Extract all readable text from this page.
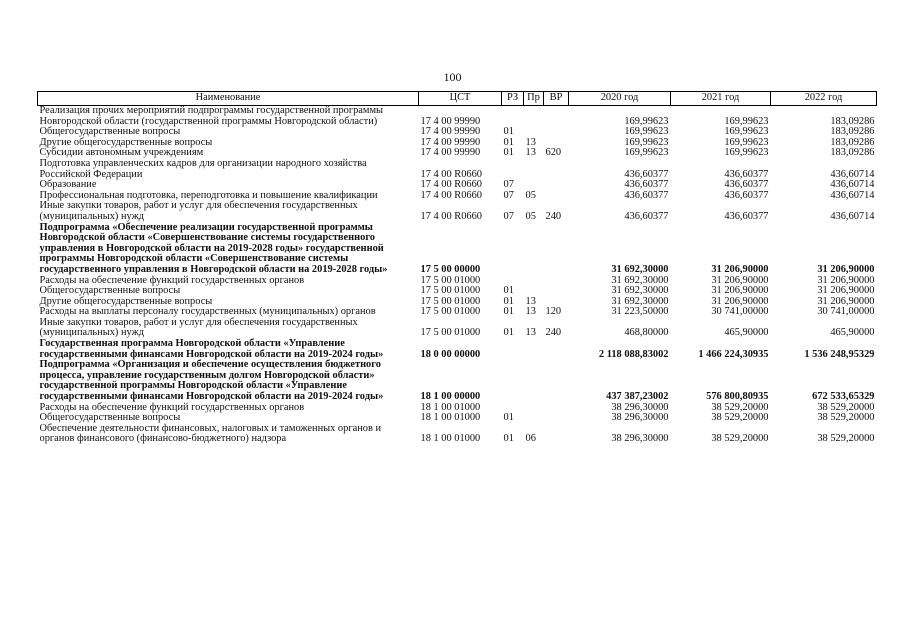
100
Наименование	ЦСТ	РЗ	Пр	ВР	2020 год	2021 год	2022 год
Реализация прочих мероприятий подпрограммы государственной программы Новгородской области (государственной программы Новгородской области)	17 4 00 99990				169,99623	169,99623	183,09286
Общегосударственные вопросы	17 4 00 99990	01			169,99623	169,99623	183,09286
Другие общегосударственные вопросы	17 4 00 99990	01	13		169,99623	169,99623	183,09286
Субсидии автономным учреждениям	17 4 00 99990	01	13	620	169,99623	169,99623	183,09286
Подготовка управленческих кадров для организации народного хозяйства Российской Федерации	17 4 00 R0660				436,60377	436,60377	436,60714
Образование	17 4 00 R0660	07			436,60377	436,60377	436,60714
Профессиональная подготовка, переподготовка и повышение квалификации	17 4 00 R0660	07	05		436,60377	436,60377	436,60714
Иные закупки товаров, работ и услуг для обеспечения государственных (муниципальных) нужд	17 4 00 R0660	07	05	240	436,60377	436,60377	436,60714
Подпрограмма «Обеспечение реализации государственной программы Новгородской области «Совершенствование системы государственного управления в Новгородской области на 2019-2028 годы» государственной программы Новгородской области «Совершенствование системы государственного управления в Новгородской области на 2019-2028 годы»	17 5 00 00000				31 692,30000	31 206,90000	31 206,90000
Расходы на обеспечение функций государственных органов	17 5 00 01000				31 692,30000	31 206,90000	31 206,90000
Общегосударственные вопросы	17 5 00 01000	01			31 692,30000	31 206,90000	31 206,90000
Другие общегосударственные вопросы	17 5 00 01000	01	13		31 692,30000	31 206,90000	31 206,90000
Расходы на выплаты персоналу государственных (муниципальных) органов	17 5 00 01000	01	13	120	31 223,50000	30 741,00000	30 741,00000
Иные закупки товаров, работ и услуг для обеспечения государственных (муниципальных) нужд	17 5 00 01000	01	13	240	468,80000	465,90000	465,90000
Государственная программа Новгородской области «Управление государственными финансами Новгородской области на 2019-2024 годы»	18 0 00 00000				2 118 088,83002	1 466 224,30935	1 536 248,95329
Подпрограмма «Организация и обеспечение осуществления бюджетного процесса, управление государственным долгом Новгородской области» государственной программы Новгородской области «Управление государственными финансами Новгородской области на 2019-2024 годы»	18 1 00 00000				437 387,23002	576 800,80935	672 533,65329
Расходы на обеспечение функций государственных органов	18 1 00 01000				38 296,30000	38 529,20000	38 529,20000
Общегосударственные вопросы	18 1 00 01000	01			38 296,30000	38 529,20000	38 529,20000
Обеспечение деятельности финансовых, налоговых и таможенных органов и органов финансового (финансово-бюджетного) надзора	18 1 00 01000	01	06		38 296,30000	38 529,20000	38 529,20000
